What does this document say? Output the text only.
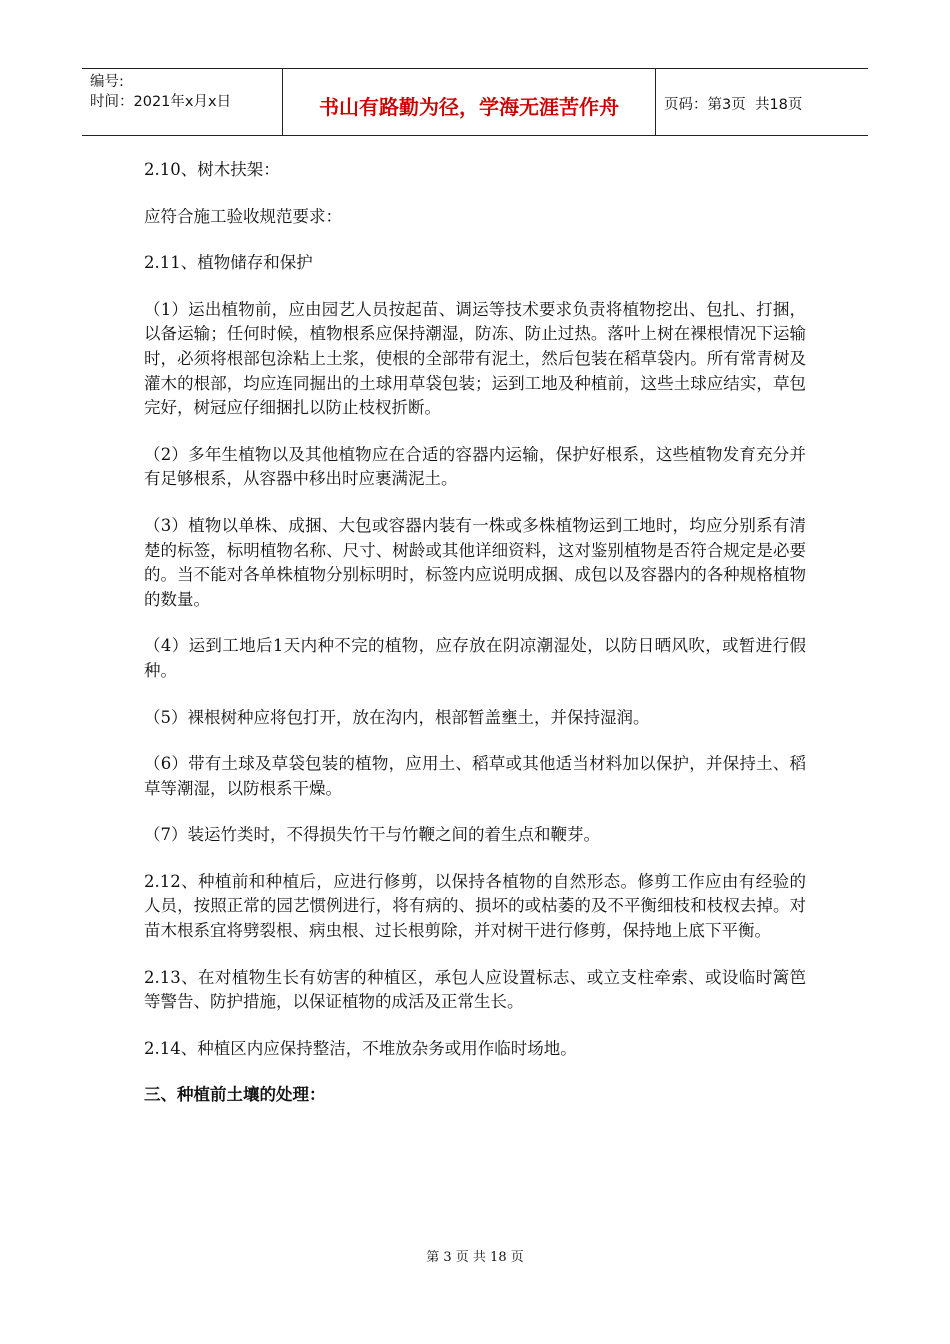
编号:
时间：2021年x月x日	书山有路勤为径，学海无涯苦作舟	页码：第3页  共18页

2.10、树木扶架：

应符合施工验收规范要求：

2.11、植物储存和保护

（1）运出植物前，应由园艺人员按起苗、调运等技术要求负责将植物挖出、包扎、打捆，以备运输；任何时候，植物根系应保持潮湿，防冻、防止过热。落叶上树在裸根情况下运输时，必须将根部包涂粘上土浆，使根的全部带有泥土，然后包装在稻草袋内。所有常青树及灌木的根部，均应连同掘出的土球用草袋包装；运到工地及种植前，这些土球应结实，草包完好，树冠应仔细捆扎以防止枝杈折断。

（2）多年生植物以及其他植物应在合适的容器内运输，保护好根系，这些植物发育充分并有足够根系，从容器中移出时应裹满泥土。

（3）植物以单株、成捆、大包或容器内装有一株或多株植物运到工地时，均应分别系有清楚的标签，标明植物名称、尺寸、树龄或其他详细资料，这对鉴别植物是否符合规定是必要的。当不能对各单株植物分别标明时，标签内应说明成捆、成包以及容器内的各种规格植物的数量。

（4）运到工地后1天内种不完的植物，应存放在阴凉潮湿处，以防日晒风吹，或暂进行假种。

（5）裸根树种应将包打开，放在沟内，根部暂盖壅土，并保持湿润。

（6）带有土球及草袋包装的植物，应用土、稻草或其他适当材料加以保护，并保持土、稻草等潮湿，以防根系干燥。

（7）装运竹类时，不得损失竹干与竹鞭之间的着生点和鞭芽。

2.12、种植前和种植后，应进行修剪，以保持各植物的自然形态。修剪工作应由有经验的人员，按照正常的园艺惯例进行，将有病的、损坏的或枯萎的及不平衡细枝和枝杈去掉。对苗木根系宜将劈裂根、病虫根、过长根剪除，并对树干进行修剪，保持地上底下平衡。

2.13、在对植物生长有妨害的种植区，承包人应设置标志、或立支柱牵索、或设临时篱笆等警告、防护措施，以保证植物的成活及正常生长。

2.14、种植区内应保持整洁，不堆放杂务或用作临时场地。

三、种植前土壤的处理：

第 3 页 共 18 页
